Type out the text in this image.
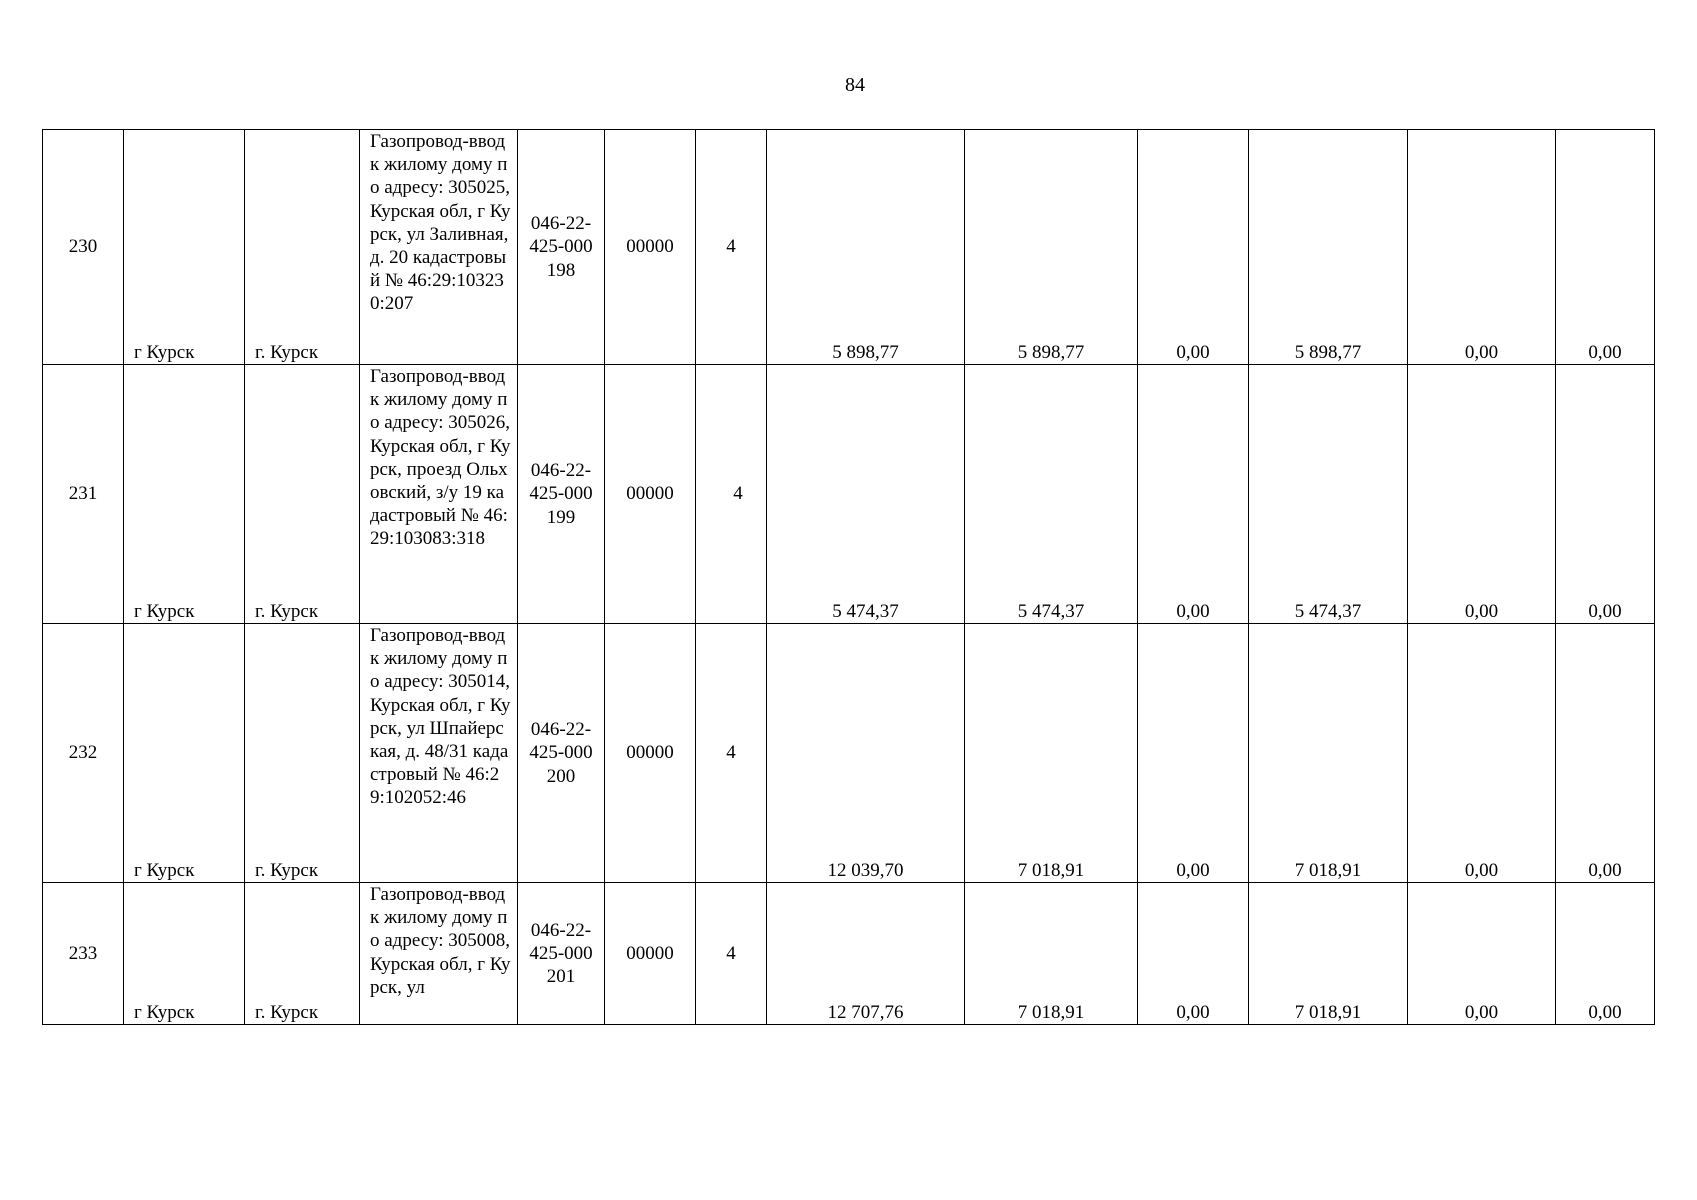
84
230	г Курск	г. Курск	Газопровод-ввод к жилому дому по адресу: 305025, Курская обл, г Курск, ул Заливная, д. 20 кадастровый № 46:29:103230:207	046-22-425-000198	00000	4	5 898,77	5 898,77	0,00	5 898,77	0,00	0,00
231	г Курск	г. Курск	Газопровод-ввод к жилому дому по адресу: 305026, Курская обл, г Курск, проезд Ольховский, з/у 19 кадастровый № 46:29:103083:318	046-22-425-000199	00000	4	5 474,37	5 474,37	0,00	5 474,37	0,00	0,00
232	г Курск	г. Курск	Газопровод-ввод к жилому дому по адресу: 305014, Курская обл, г Курск, ул Шпайерская, д. 48/31 кадастровый № 46:29:102052:46	046-22-425-000200	00000	4	12 039,70	7 018,91	0,00	7 018,91	0,00	0,00
233	г Курск	г. Курск	Газопровод-ввод к жилому дому по адресу: 305008, Курская обл, г Курск, ул	046-22-425-000201	00000	4	12 707,76	7 018,91	0,00	7 018,91	0,00	0,00
